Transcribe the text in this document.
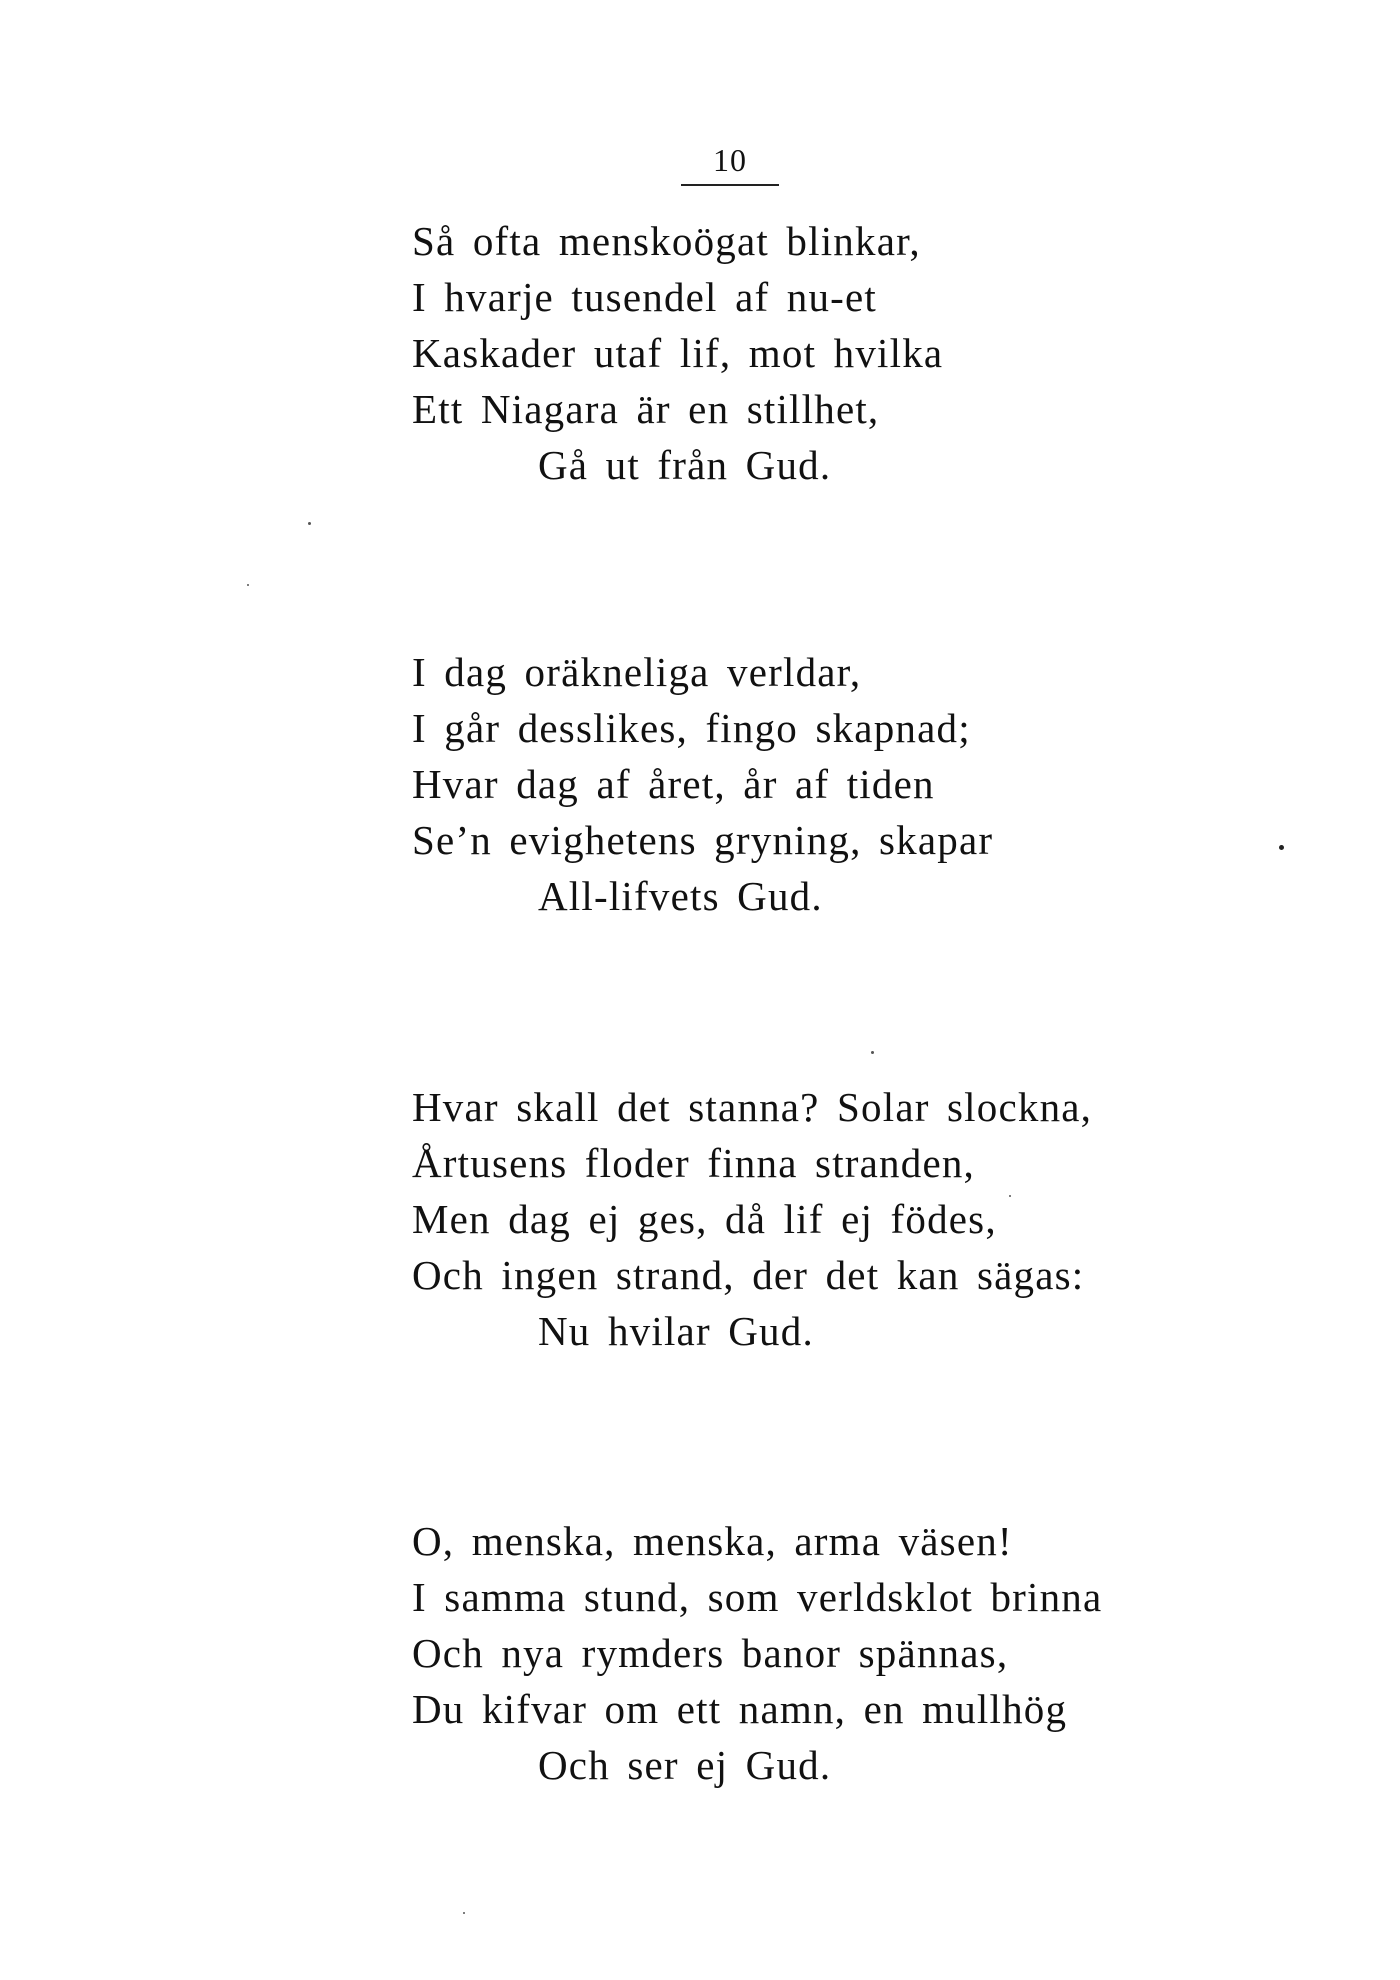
10
Så ofta menskoögat blinkar,
I hvarje tusendel af nu-et
Kaskader utaf lif, mot hvilka
Ett Niagara är en stillhet,
Gå ut från Gud.
I dag oräkneliga verldar,
I går desslikes, fingo skapnad;
Hvar dag af året, år af tiden
Se’n evighetens gryning, skapar
All-lifvets Gud.
Hvar skall det stanna? Solar slockna,
Årtusens floder finna stranden,
Men dag ej ges, då lif ej födes,
Och ingen strand, der det kan sägas:
Nu hvilar Gud.
O, menska, menska, arma väsen!
I samma stund, som verldsklot brinna
Och nya rymders banor spännas,
Du kifvar om ett namn, en mullhög
Och ser ej Gud.
